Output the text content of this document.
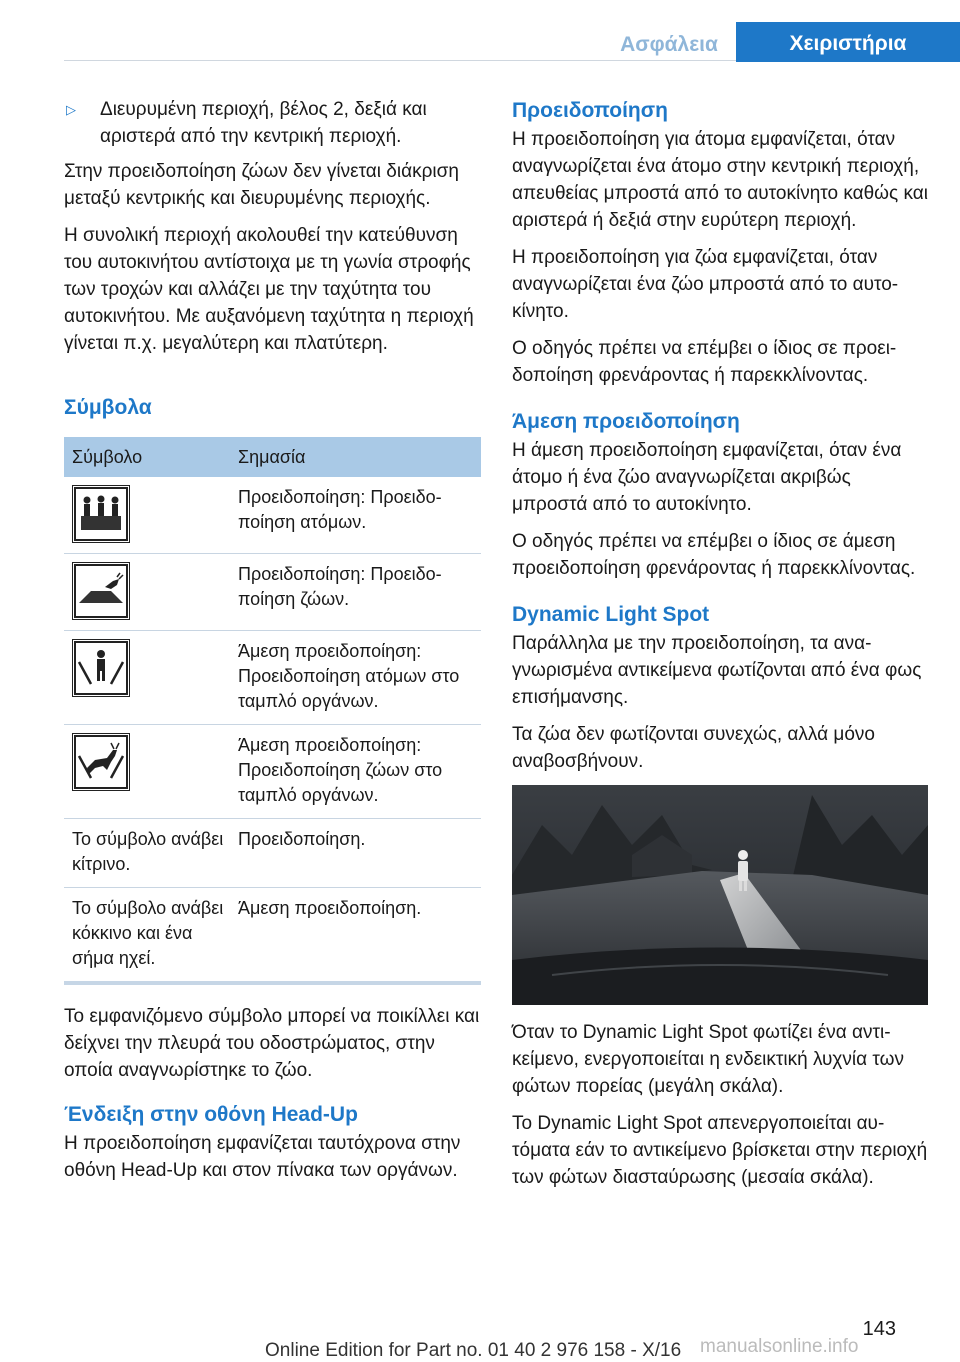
Ασφάλεια	Χειριστήρια
▷	Διευρυμένη περιοχή, βέλος 2, δεξιά και αριστερά από την κεντρική περιοχή.

Στην προειδοποίηση ζώων δεν γίνεται διάκριση μεταξύ κεντρικής και διευρυμένης περιοχής.

Η συνολική περιοχή ακολουθεί την κατεύθυνση του αυτοκινήτου αντίστοιχα με τη γωνία στροφής των τροχών και αλλάζει με την ταχύτητα του αυτοκινήτου. Με αυξανόμενη ταχύτητα η περιοχή γίνεται π.χ. μεγαλύτερη και πλατύτερη.

Σύμβολα
Σύμβολο	Σημασία

	Προειδοποίηση: Προειδοποίηση ατόμων.

	Προειδοποίηση: Προειδοποίηση ζώων.

	Άμεση προειδοποίηση: Προειδοποίηση ατόμων στο ταμπλό οργάνων.

	Άμεση προειδοποίηση: Προειδοποίηση ζώων στο ταμπλό οργάνων.
Το σύμβολο ανάβει κίτρινο.	Προειδοποίηση.
Το σύμβολο ανάβει κόκκινο και ένα σήμα ηχεί.	Άμεση προειδοποίηση.

Το εμφανιζόμενο σύμβολο μπορεί να ποικίλλει και δείχνει την πλευρά του οδοστρώματος, στην οποία αναγνωρίστηκε το ζώο.

Ένδειξη στην οθόνη Head-Up

Η προειδοποίηση εμφανίζεται ταυτόχρονα στην οθόνη Head-Up και στον πίνακα των οργάνων.

Προειδοποίηση

Η προειδοποίηση για άτομα εμφανίζεται, όταν αναγνωρίζεται ένα άτομο στην κεντρική περιοχή, απευθείας μπροστά από το αυτοκίνητο καθώς και αριστερά ή δεξιά στην ευρύτερη περιοχή.

Η προειδοποίηση για ζώα εμφανίζεται, όταν αναγνωρίζεται ένα ζώο μπροστά από το αυτοκίνητο.

Ο οδηγός πρέπει να επέμβει ο ίδιος σε προειδοποίηση φρενάροντας ή παρεκκλίνοντας.

Άμεση προειδοποίηση

Η άμεση προειδοποίηση εμφανίζεται, όταν ένα άτομο ή ένα ζώο αναγνωρίζεται ακριβώς μπροστά από το αυτοκίνητο.

Ο οδηγός πρέπει να επέμβει ο ίδιος σε άμεση προειδοποίηση φρενάροντας ή παρεκκλίνοντας.

Dynamic Light Spot

Παράλληλα με την προειδοποίηση, τα αναγνωρισμένα αντικείμενα φωτίζονται από ένα φως επισήμανσης.

Τα ζώα δεν φωτίζονται συνεχώς, αλλά μόνο αναβοσβήνουν.

Όταν το Dynamic Light Spot φωτίζει ένα αντικείμενο, ενεργοποιείται η ενδεικτική λυχνία των φώτων πορείας (μεγάλη σκάλα).

Το Dynamic Light Spot απενεργοποιείται αυτόματα εάν το αντικείμενο βρίσκεται στην περιοχή των φώτων διασταύρωσης (μεσαία σκάλα).

143
Online Edition for Part no. 01 40 2 976 158 - X/16 manualsonline.info
